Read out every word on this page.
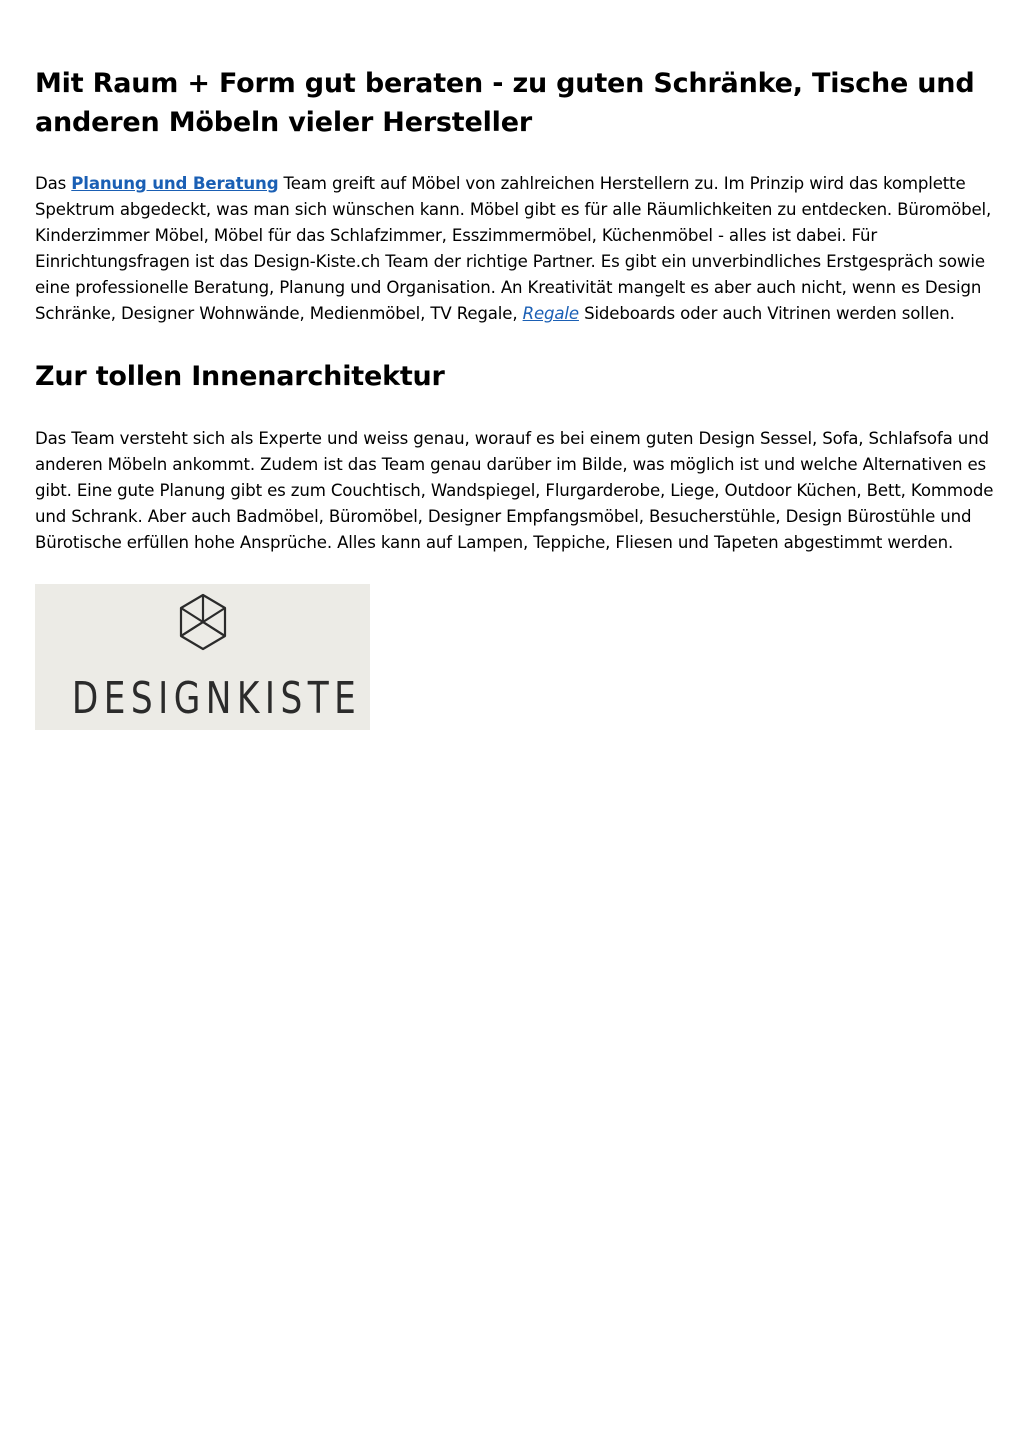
Mit Raum + Form gut beraten - zu guten Schränke, Tische und anderen Möbeln vieler Hersteller

Das Planung und Beratung Team greift auf Möbel von zahlreichen Herstellern zu. Im Prinzip wird das komplette Spektrum abgedeckt, was man sich wünschen kann. Möbel gibt es für alle Räumlichkeiten zu entdecken. Büromöbel, Kinderzimmer Möbel, Möbel für das Schlafzimmer, Esszimmermöbel, Küchenmöbel - alles ist dabei. Für Einrichtungsfragen ist das Design-Kiste.ch Team der richtige Partner. Es gibt ein unverbindliches Erstgespräch sowie eine professionelle Beratung, Planung und Organisation. An Kreativität mangelt es aber auch nicht, wenn es Design Schränke, Designer Wohnwände, Medienmöbel, TV Regale, Regale Sideboards oder auch Vitrinen werden sollen.

Zur tollen Innenarchitektur

Das Team versteht sich als Experte und weiss genau, worauf es bei einem guten Design Sessel, Sofa, Schlafsofa und anderen Möbeln ankommt. Zudem ist das Team genau darüber im Bilde, was möglich ist und welche Alternativen es gibt. Eine gute Planung gibt es zum Couchtisch, Wandspiegel, Flurgarderobe, Liege, Outdoor Küchen, Bett, Kommode und Schrank. Aber auch Badmöbel, Büromöbel, Designer Empfangsmöbel, Besucherstühle, Design Bürostühle und Bürotische erfüllen hohe Ansprüche. Alles kann auf Lampen, Teppiche, Fliesen und Tapeten abgestimmt werden.

DESIGNKISTE
